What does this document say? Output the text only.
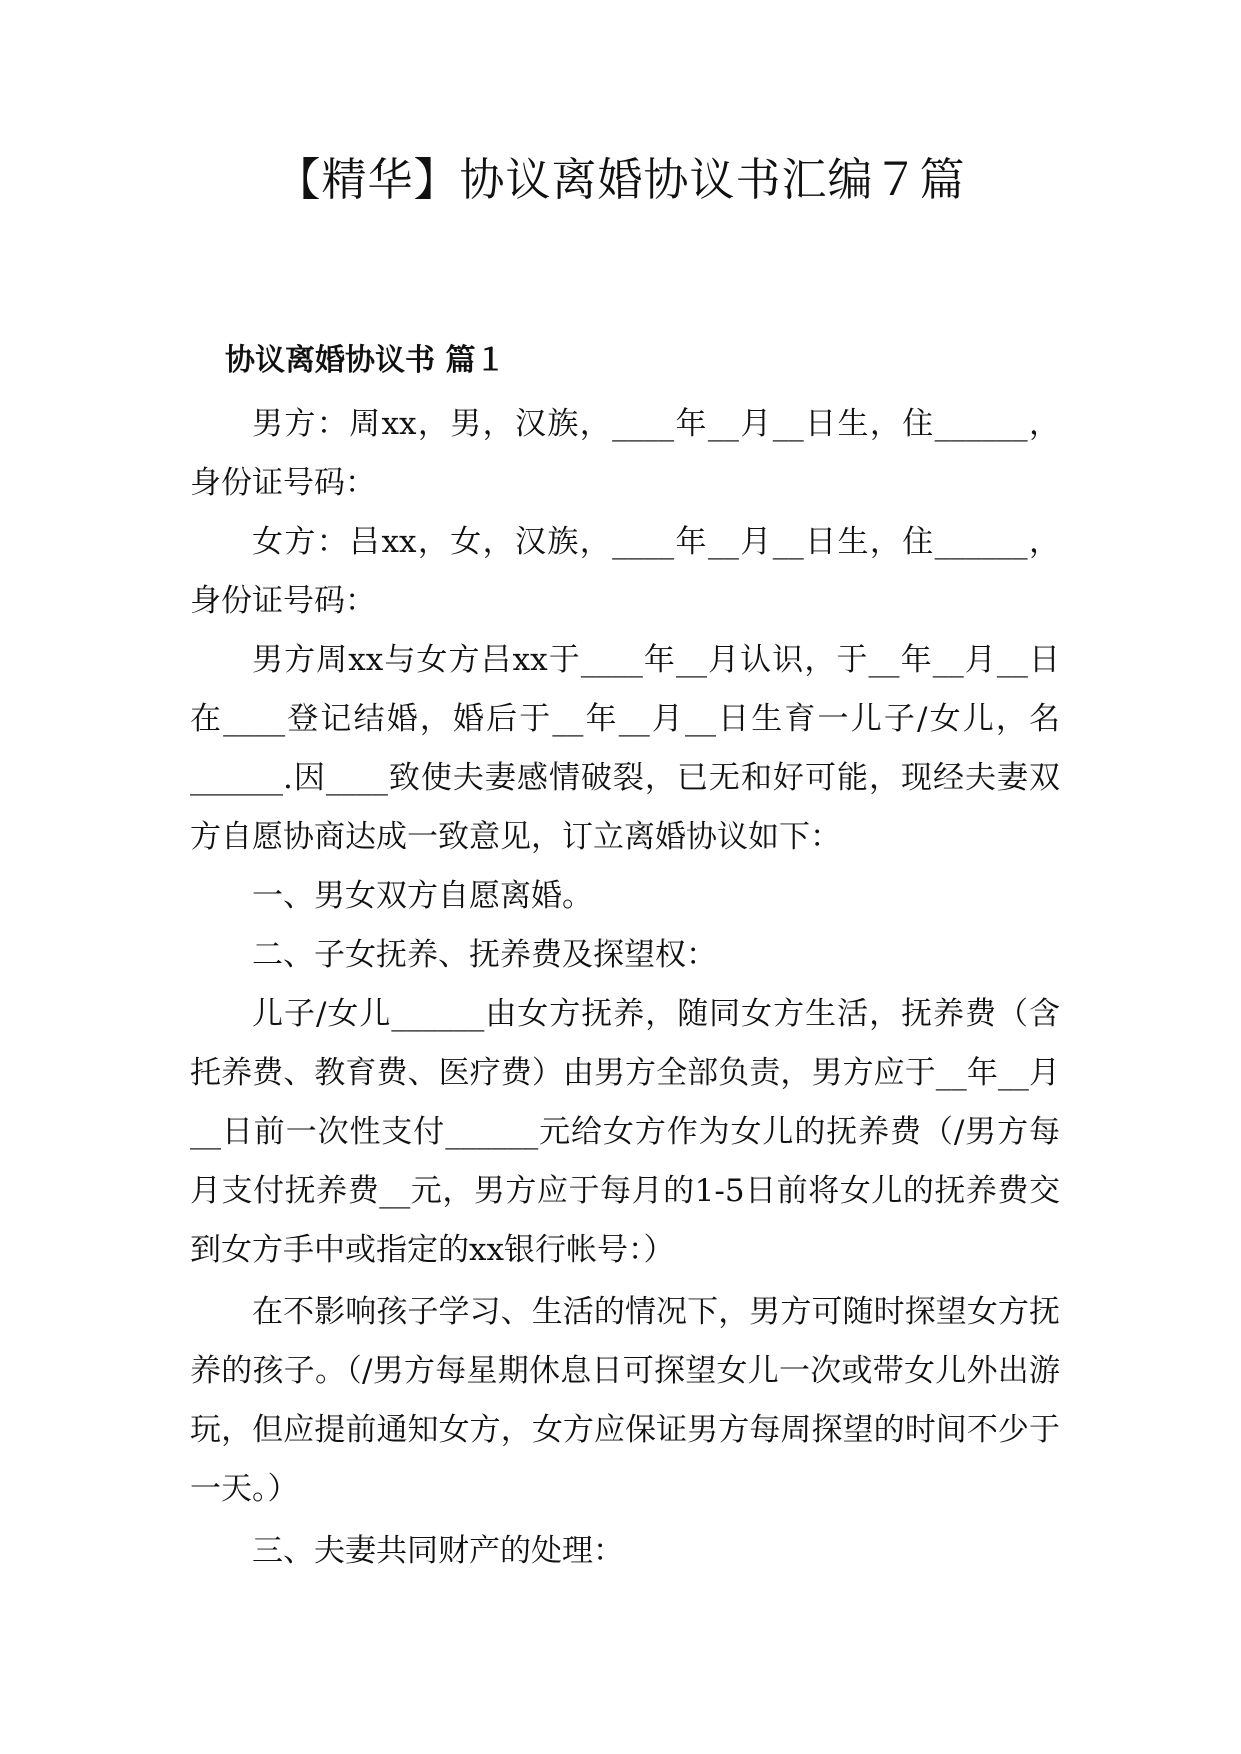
【精华】协议离婚协议书汇编７篇
协议离婚协议书 篇１

男方：周xx，男，汉族，____年__月__日生，住______，身份证号码：

女方：吕xx，女，汉族，____年__月__日生，住______，身份证号码：

男方周xx与女方吕xx于____年__月认识，于__年__月__日在____登记结婚，婚后于__年__月__日生育一儿子/女儿，名______.因____致使夫妻感情破裂，已无和好可能，现经夫妻双方自愿协商达成一致意见，订立离婚协议如下：

一、男女双方自愿离婚。

二、子女抚养、抚养费及探望权：

儿子/女儿______由女方抚养，随同女方生活，抚养费（含托养费、教育费、医疗费）由男方全部负责，男方应于__年__月__日前一次性支付______元给女方作为女儿的抚养费（/男方每月支付抚养费__元，男方应于每月的1-5日前将女儿的抚养费交到女方手中或指定的xx银行帐号：）

在不影响孩子学习、生活的情况下，男方可随时探望女方抚养的孩子。（/男方每星期休息日可探望女儿一次或带女儿外出游玩，但应提前通知女方，女方应保证男方每周探望的时间不少于一天。）

三、夫妻共同财产的处理：
